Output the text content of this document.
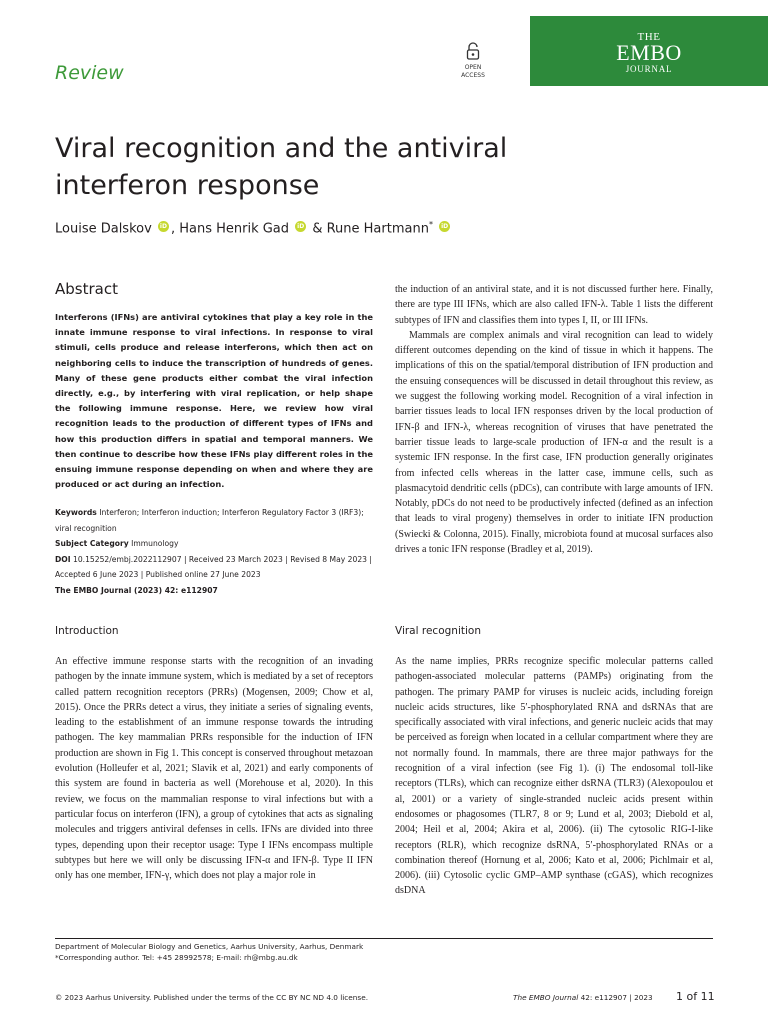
Review	OPEN
ACCESS
THE
EMBO
JOURNAL
Viral recognition and the antiviral interferon response
Louise Dalskov iD , Hans Henrik Gad iD & Rune Hartmann* iD
Abstract
Interferons (IFNs) are antiviral cytokines that play a key role in the innate immune response to viral infections. In response to viral stimuli, cells produce and release interferons, which then act on neighboring cells to induce the transcription of hundreds of genes. Many of these gene products either combat the viral infection directly, e.g., by interfering with viral replication, or help shape the following immune response. Here, we review how viral recognition leads to the production of different types of IFNs and how this production differs in spatial and temporal manners. We then continue to describe how these IFNs play different roles in the ensuing immune response depending on when and where they are produced or act during an infection.
Keywords Interferon; Interferon induction; Interferon Regulatory Factor 3 (IRF3); viral recognition
Subject Category Immunology
DOI 10.15252/embj.2022112907 | Received 23 March 2023 | Revised 8 May 2023 | Accepted 6 June 2023 | Published online 27 June 2023
The EMBO Journal (2023) 42: e112907

the induction of an antiviral state, and it is not discussed further here. Finally, there are type III IFNs, which are also called IFN-λ. Table 1 lists the different subtypes of IFN and classifies them into types I, II, or III IFNs.

Mammals are complex animals and viral recognition can lead to widely different outcomes depending on the kind of tissue in which it happens. The implications of this on the spatial/temporal distribution of IFN production and the ensuing consequences will be discussed in detail throughout this review, as we suggest the following working model. Recognition of a viral infection in barrier tissues leads to local IFN responses driven by the local production of IFN-β and IFN-λ, whereas recognition of viruses that have penetrated the barrier tissue leads to large-scale production of IFN-α and the result is a systemic IFN response. In the first case, IFN production generally originates from infected cells whereas in the latter case, immune cells, such as plasmacytoid dendritic cells (pDCs), can contribute with large amounts of IFN. Notably, pDCs do not need to be productively infected (defined as an infection that leads to viral progeny) themselves in order to initiate IFN production (Swiecki & Colonna, 2015). Finally, microbiota found at mucosal surfaces also drives a tonic IFN response (Bradley et al, 2019).

Introduction

An effective immune response starts with the recognition of an invading pathogen by the innate immune system, which is mediated by a set of receptors called pattern recognition receptors (PRRs) (Mogensen, 2009; Chow et al, 2015). Once the PRRs detect a virus, they initiate a series of signaling events, leading to the establishment of an immune response towards the intruding pathogen. The key mammalian PRRs responsible for the induction of IFN production are shown in Fig 1. This concept is conserved throughout metazoan evolution (Holleufer et al, 2021; Slavik et al, 2021) and early components of this system are found in bacteria as well (Morehouse et al, 2020). In this review, we focus on the mammalian response to viral infections but with a particular focus on interferon (IFN), a group of cytokines that acts as signaling molecules and triggers antiviral defenses in cells. IFNs are divided into three types, depending upon their receptor usage: Type I IFNs encompass multiple subtypes but here we will only be discussing IFN-α and IFN-β. Type II IFN only has one member, IFN-γ, which does not play a major role in

Viral recognition

As the name implies, PRRs recognize specific molecular patterns called pathogen-associated molecular patterns (PAMPs) originating from the pathogen. The primary PAMP for viruses is nucleic acids, including foreign nucleic acids structures, like 5′-phosphorylated RNA and dsRNAs that are specifically associated with viral infections, and generic nucleic acids that may be perceived as foreign when located in a cellular compartment where they are not normally found. In mammals, there are three major pathways for the recognition of a viral infection (see Fig 1). (i) The endosomal toll-like receptors (TLRs), which can recognize either dsRNA (TLR3) (Alexopoulou et al, 2001) or a variety of single-stranded nucleic acids present within endosomes or phagosomes (TLR7, 8 or 9; Lund et al, 2003; Diebold et al, 2004; Heil et al, 2004; Akira et al, 2006). (ii) The cytosolic RIG-I-like receptors (RLR), which recognize dsRNA, 5′-phosphorylated RNAs or a combination thereof (Hornung et al, 2006; Kato et al, 2006; Pichlmair et al, 2006). (iii) Cytosolic cyclic GMP–AMP synthase (cGAS), which recognizes dsDNA

Department of Molecular Biology and Genetics, Aarhus University, Aarhus, Denmark
*Corresponding author. Tel: +45 28992578; E-mail: rh@mbg.au.dk
© 2023 Aarhus University. Published under the terms of the CC BY NC ND 4.0 license.	The EMBO Journal 42: e112907 | 2023 1 of 11
